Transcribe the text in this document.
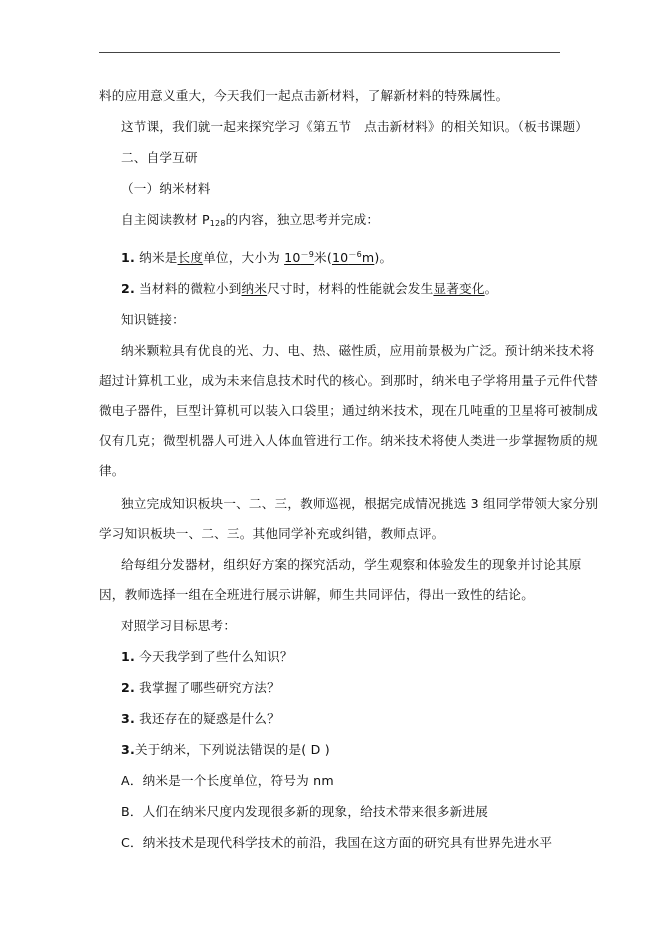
料的应用意义重大，今天我们一起点击新材料，了解新材料的特殊属性。

这节课，我们就一起来探究学习《第五节　点击新材料》的相关知识。（板书课题）

二、自学互研

（一）纳米材料

自主阅读教材 $P_{128}$的内容，独立思考并完成：

1. 纳米是长度单位，大小为 $10^{-9}$米$(10^{-6}m)$。

2. 当材料的微粒小到纳米尺寸时，材料的性能就会发生显著变化。

知识链接：

纳米颗粒具有优良的光、力、电、热、磁性质，应用前景极为广泛。预计纳米技术将
超过计算机工业，成为未来信息技术时代的核心。到那时，纳米电子学将用量子元件代替
微电子器件，巨型计算机可以装入口袋里；通过纳米技术，现在几吨重的卫星将可被制成
仅有几克；微型机器人可进入人体血管进行工作。纳米技术将使人类进一步掌握物质的规
律。
独立完成知识板块一、二、三，教师巡视，根据完成情况挑选 3 组同学带领大家分别
学习知识板块一、二、三。其他同学补充或纠错，教师点评。
给每组分发器材，组织好方案的探究活动，学生观察和体验发生的现象并讨论其原
因，教师选择一组在全班进行展示讲解，师生共同评估，得出一致性的结论。

对照学习目标思考：

1. 今天我学到了些什么知识？

2. 我掌握了哪些研究方法？

3. 我还存在的疑惑是什么？

3.关于纳米，下列说法错误的是( D )

A．纳米是一个长度单位，符号为 nm

B．人们在纳米尺度内发现很多新的现象，给技术带来很多新进展

C．纳米技术是现代科学技术的前沿，我国在这方面的研究具有世界先进水平
